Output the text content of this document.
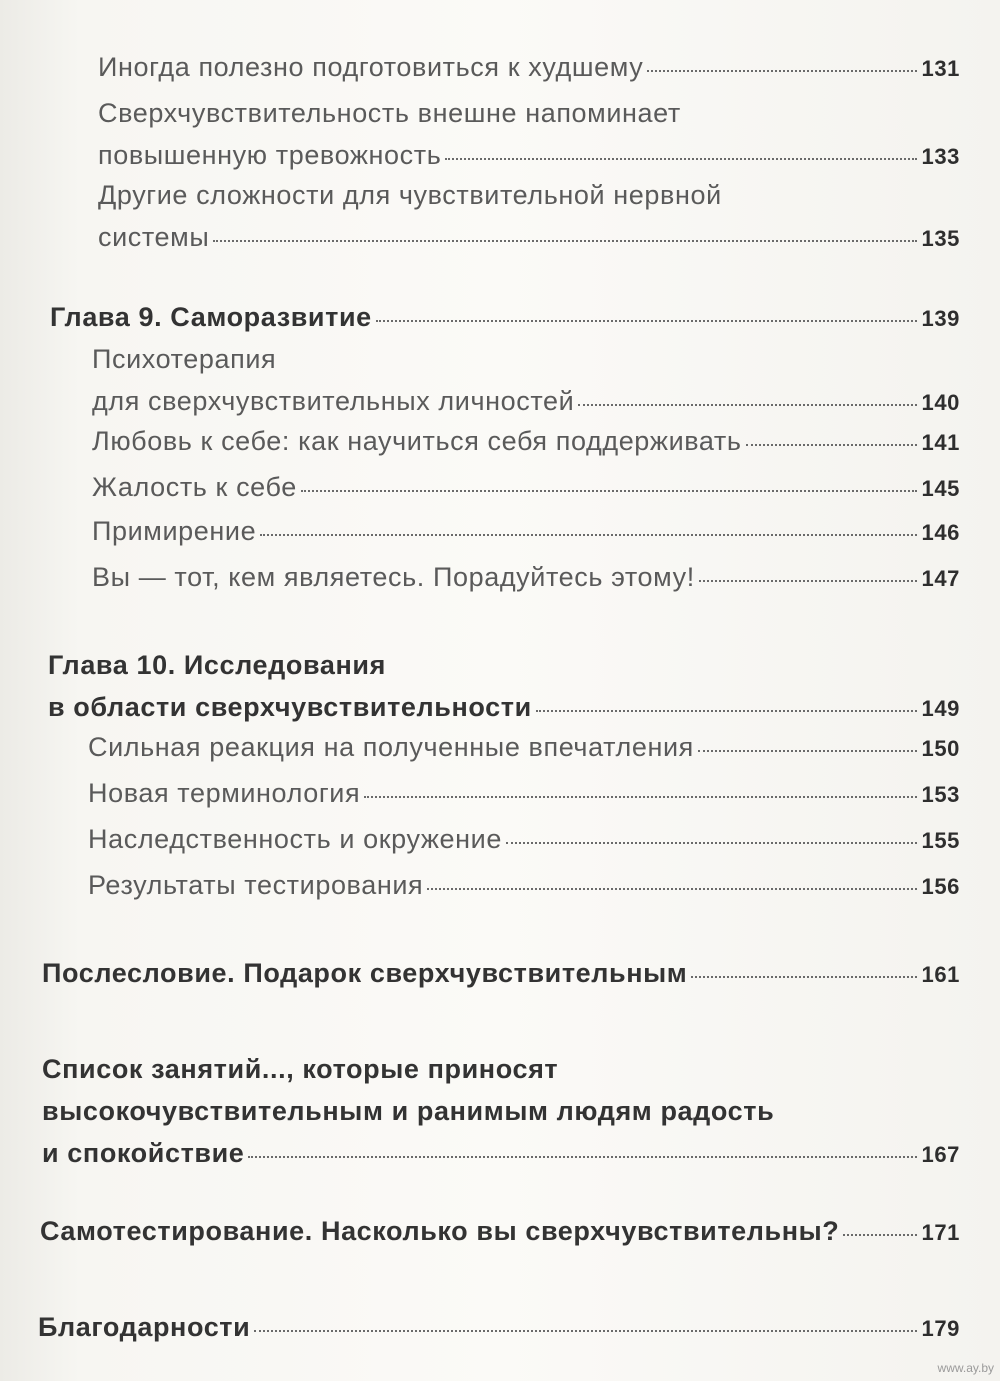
Иногда полезно подготовиться к худшему	131
Сверхчувствительность внешне напоминает
повышенную тревожность	133
Другие сложности для чувствительной нервной
системы	135
Глава 9. Саморазвитие	139
Психотерапия
для сверхчувствительных личностей	140
Любовь к себе: как научиться себя поддерживать	141
Жалость к себе	145
Примирение	146
Вы — тот, кем являетесь. Порадуйтесь этому!	147
Глава 10. Исследования
в области сверхчувствительности	149
Сильная реакция на полученные впечатления	150
Новая терминология	153
Наследственность и окружение	155
Результаты тестирования	156
Послесловие. Подарок сверхчувствительным	161
Список занятий..., которые приносят
высокочувствительным и ранимым людям радость
и спокойствие	167
Самотестирование. Насколько вы сверхчувствительны?	171
Благодарности	179
www.ay.by
